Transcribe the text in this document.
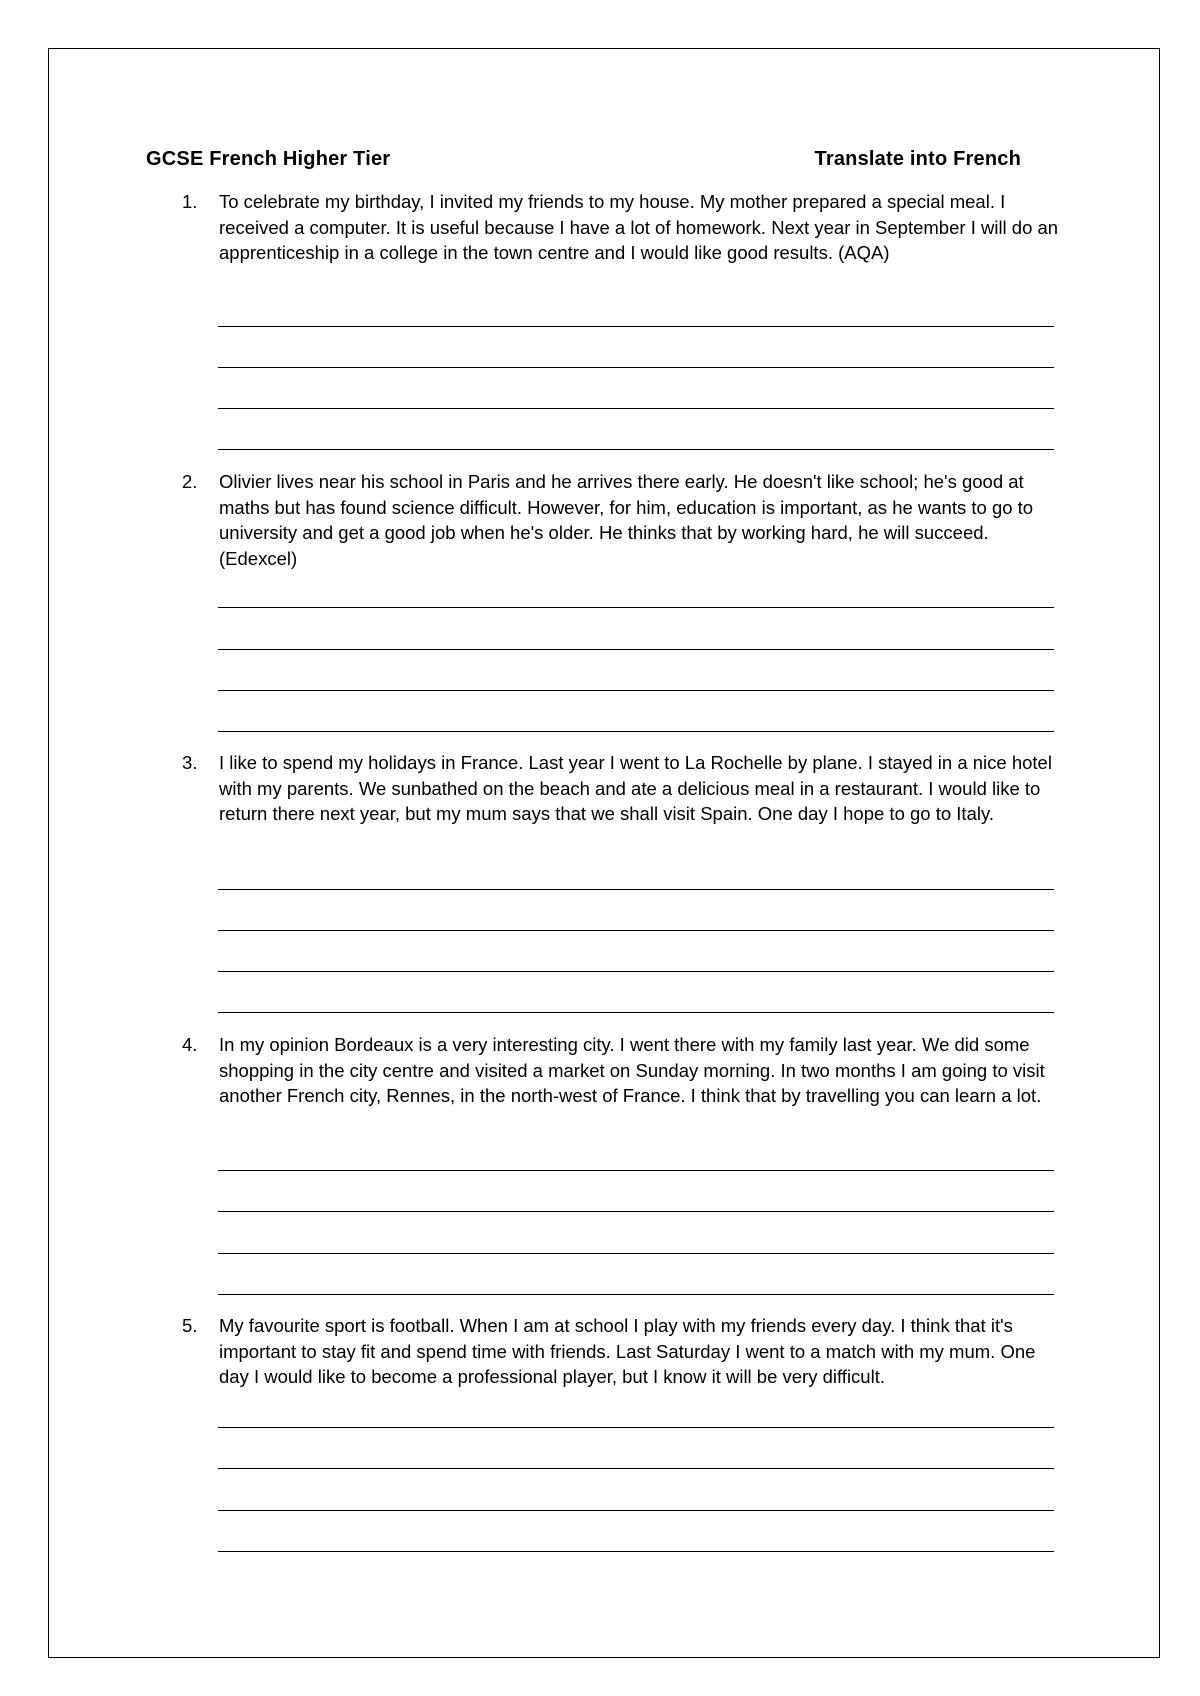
GCSE French Higher Tier	Translate into French
1. To celebrate my birthday, I invited my friends to my house. My mother prepared a special meal. I received a computer. It is useful because I have a lot of homework. Next year in September I will do an apprenticeship in a college in the town centre and I would like good results. (AQA)
2. Olivier lives near his school in Paris and he arrives there early. He doesn't like school; he's good at maths but has found science difficult. However, for him, education is important, as he wants to go to university and get a good job when he's older. He thinks that by working hard, he will succeed. (Edexcel)
3. I like to spend my holidays in France. Last year I went to La Rochelle by plane. I stayed in a nice hotel with my parents. We sunbathed on the beach and ate a delicious meal in a restaurant. I would like to return there next year, but my mum says that we shall visit Spain. One day I hope to go to Italy.
4. In my opinion Bordeaux is a very interesting city. I went there with my family last year. We did some shopping in the city centre and visited a market on Sunday morning. In two months I am going to visit another French city, Rennes, in the north-west of France. I think that by travelling you can learn a lot.
5. My favourite sport is football. When I am at school I play with my friends every day. I think that it's important to stay fit and spend time with friends. Last Saturday I went to a match with my mum. One day I would like to become a professional player, but I know it will be very difficult.
